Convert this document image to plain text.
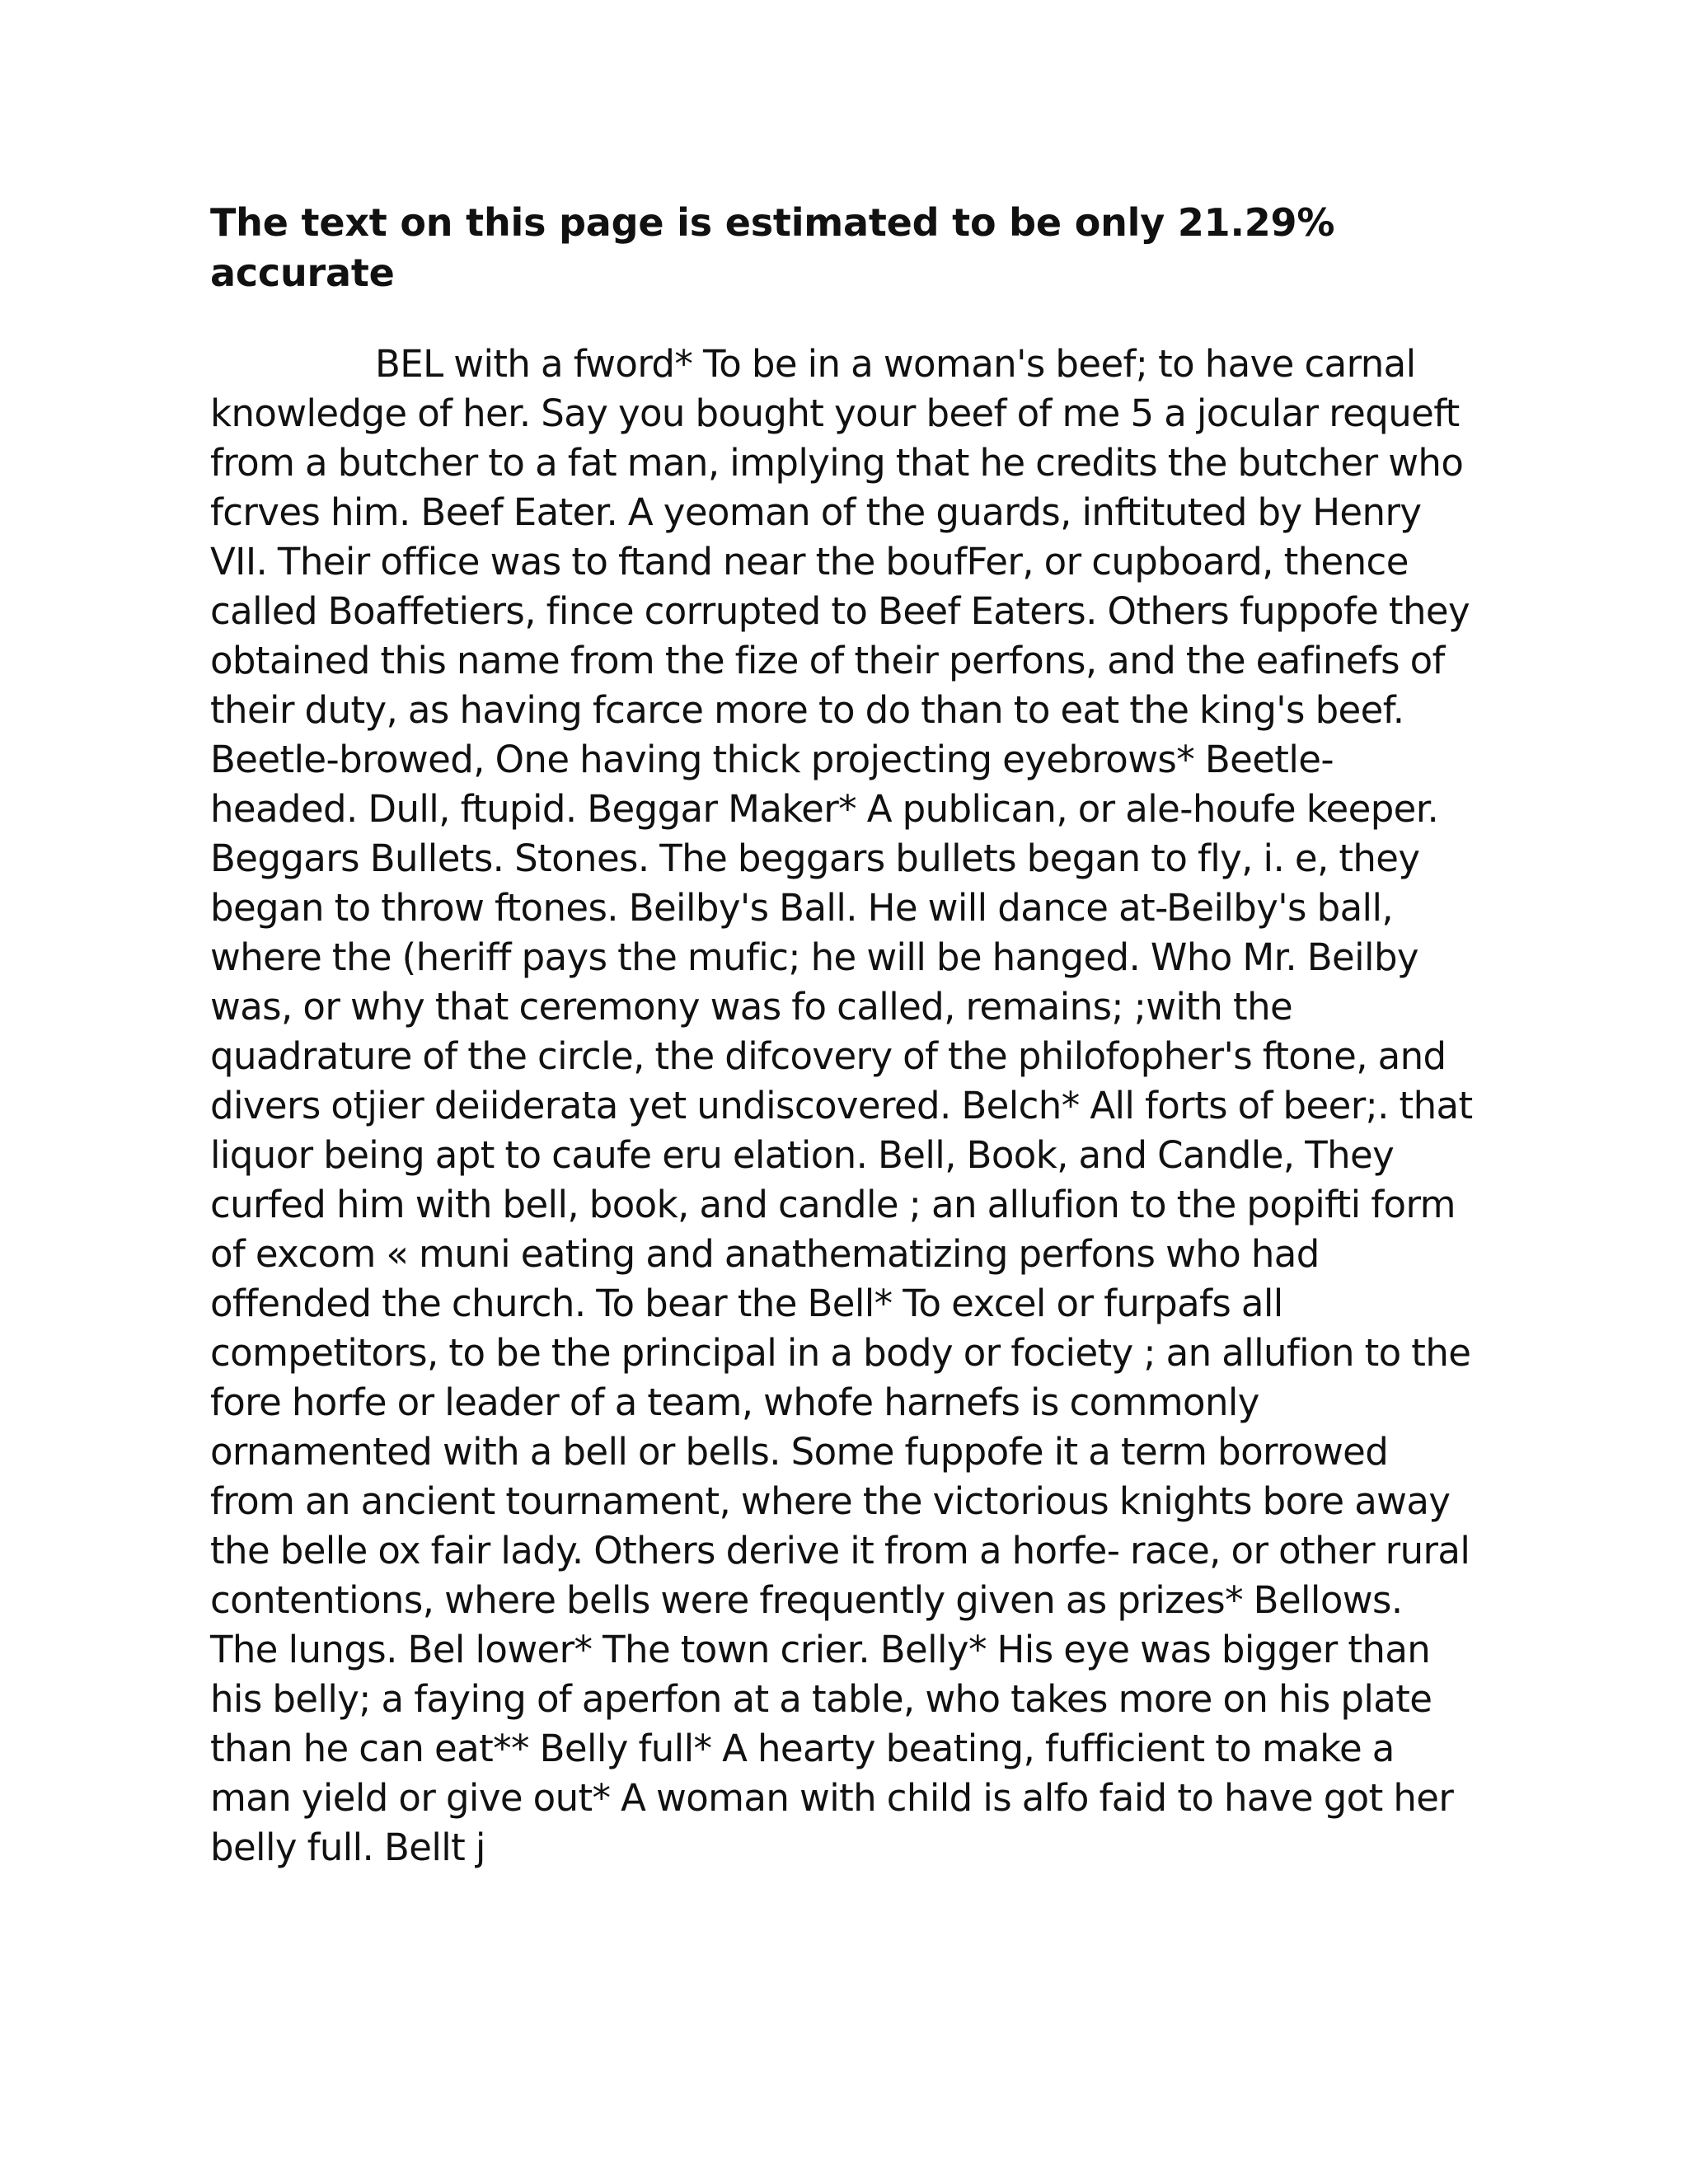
The text on this page is estimated to be only 21.29% accurate

BEL with a fword* To be in a woman's beef; to have carnal knowledge of her. Say you bought your beef of me 5 a jocular requeft from a butcher to a fat man, implying that he credits the butcher who fcrves him. Beef Eater. A yeoman of the guards, inftituted by Henry VII. Their office was to ftand near the boufFer, or cupboard, thence called Boaffetiers, fince corrupted to Beef Eaters. Others fuppofe they obtained this name from the fize of their perfons, and the eafinefs of their duty, as having fcarce more to do than to eat the king's beef. Beetle-browed, One having thick projecting eyebrows* Beetle-headed. Dull, ftupid. Beggar Maker* A publican, or ale-houfe keeper. Beggars Bullets. Stones. The beggars bullets began to fly, i. e, they began to throw ftones. Beilby's Ball. He will dance at-Beilby's ball, where the (heriff pays the mufic; he will be hanged. Who Mr. Beilby was, or why that ceremony was fo called, remains; ;with the quadrature of the circle, the difcovery of the philofopher's ftone, and divers otjier deiiderata yet undiscovered. Belch* All forts of beer;. that liquor being apt to caufe eru elation. Bell, Book, and Candle, They curfed him with bell, book, and candle ; an allufion to the popifti form of excom « muni eating and anathematizing perfons who had offended the church. To bear the Bell* To excel or furpafs all competitors, to be the principal in a body or fociety ; an allufion to the fore horfe or leader of a team, whofe harnefs is commonly ornamented with a bell or bells. Some fuppofe it a term borrowed from an ancient tournament, where the victorious knights bore away the belle ox fair lady. Others derive it from a horfe- race, or other rural contentions, where bells were frequently given as prizes* Bellows. The lungs. Bel lower* The town crier. Belly* His eye was bigger than his belly; a faying of aperfon at a table, who takes more on his plate than he can eat** Belly full* A hearty beating, fufficient to make a man yield or give out* A woman with child is alfo faid to have got her belly full. Bellt j
